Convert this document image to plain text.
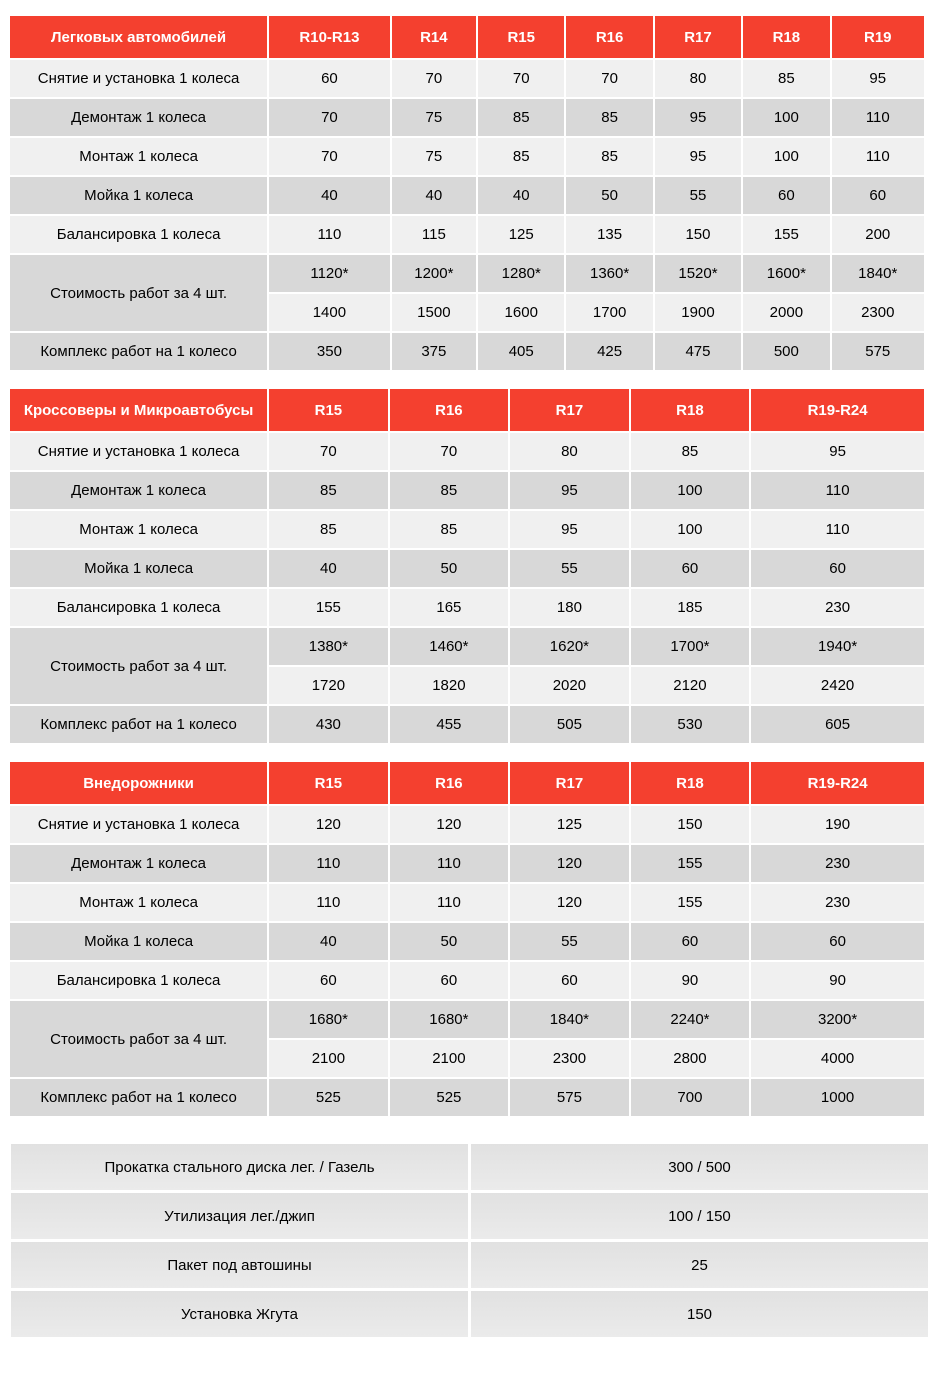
Легковых автомобилей	R10-R13	R14	R15	R16	R17	R18	R19
Снятие и установка 1 колеса	60	70	70	70	80	85	95
Демонтаж 1 колеса	70	75	85	85	95	100	110
Монтаж 1 колеса	70	75	85	85	95	100	110
Мойка 1 колеса	40	40	40	50	55	60	60
Балансировка 1 колеса	110	115	125	135	150	155	200
Стоимость работ за 4 шт.	1120*	1200*	1280*	1360*	1520*	1600*	1840*
	1400	1500	1600	1700	1900	2000	2300
Комплекс работ на 1 колесо	350	375	405	425	475	500	575
Кроссоверы и Микроавтобусы	R15	R16	R17	R18	R19-R24
Снятие и установка 1 колеса	70	70	80	85	95
Демонтаж 1 колеса	85	85	95	100	110
Монтаж 1 колеса	85	85	95	100	110
Мойка 1 колеса	40	50	55	60	60
Балансировка 1 колеса	155	165	180	185	230
Стоимость работ за 4 шт.	1380*	1460*	1620*	1700*	1940*
	1720	1820	2020	2120	2420
Комплекс работ на 1 колесо	430	455	505	530	605
Внедорожники	R15	R16	R17	R18	R19-R24
Снятие и установка 1 колеса	120	120	125	150	190
Демонтаж 1 колеса	110	110	120	155	230
Монтаж 1 колеса	110	110	120	155	230
Мойка 1 колеса	40	50	55	60	60
Балансировка 1 колеса	60	60	60	90	90
Стоимость работ за 4 шт.	1680*	1680*	1840*	2240*	3200*
	2100	2100	2300	2800	4000
Комплекс работ на 1 колесо	525	525	575	700	1000
Прокатка стального диска лег. / Газель	300 / 500
Утилизация лег./джип	100 / 150
Пакет под автошины	25
Установка Жгута	150
